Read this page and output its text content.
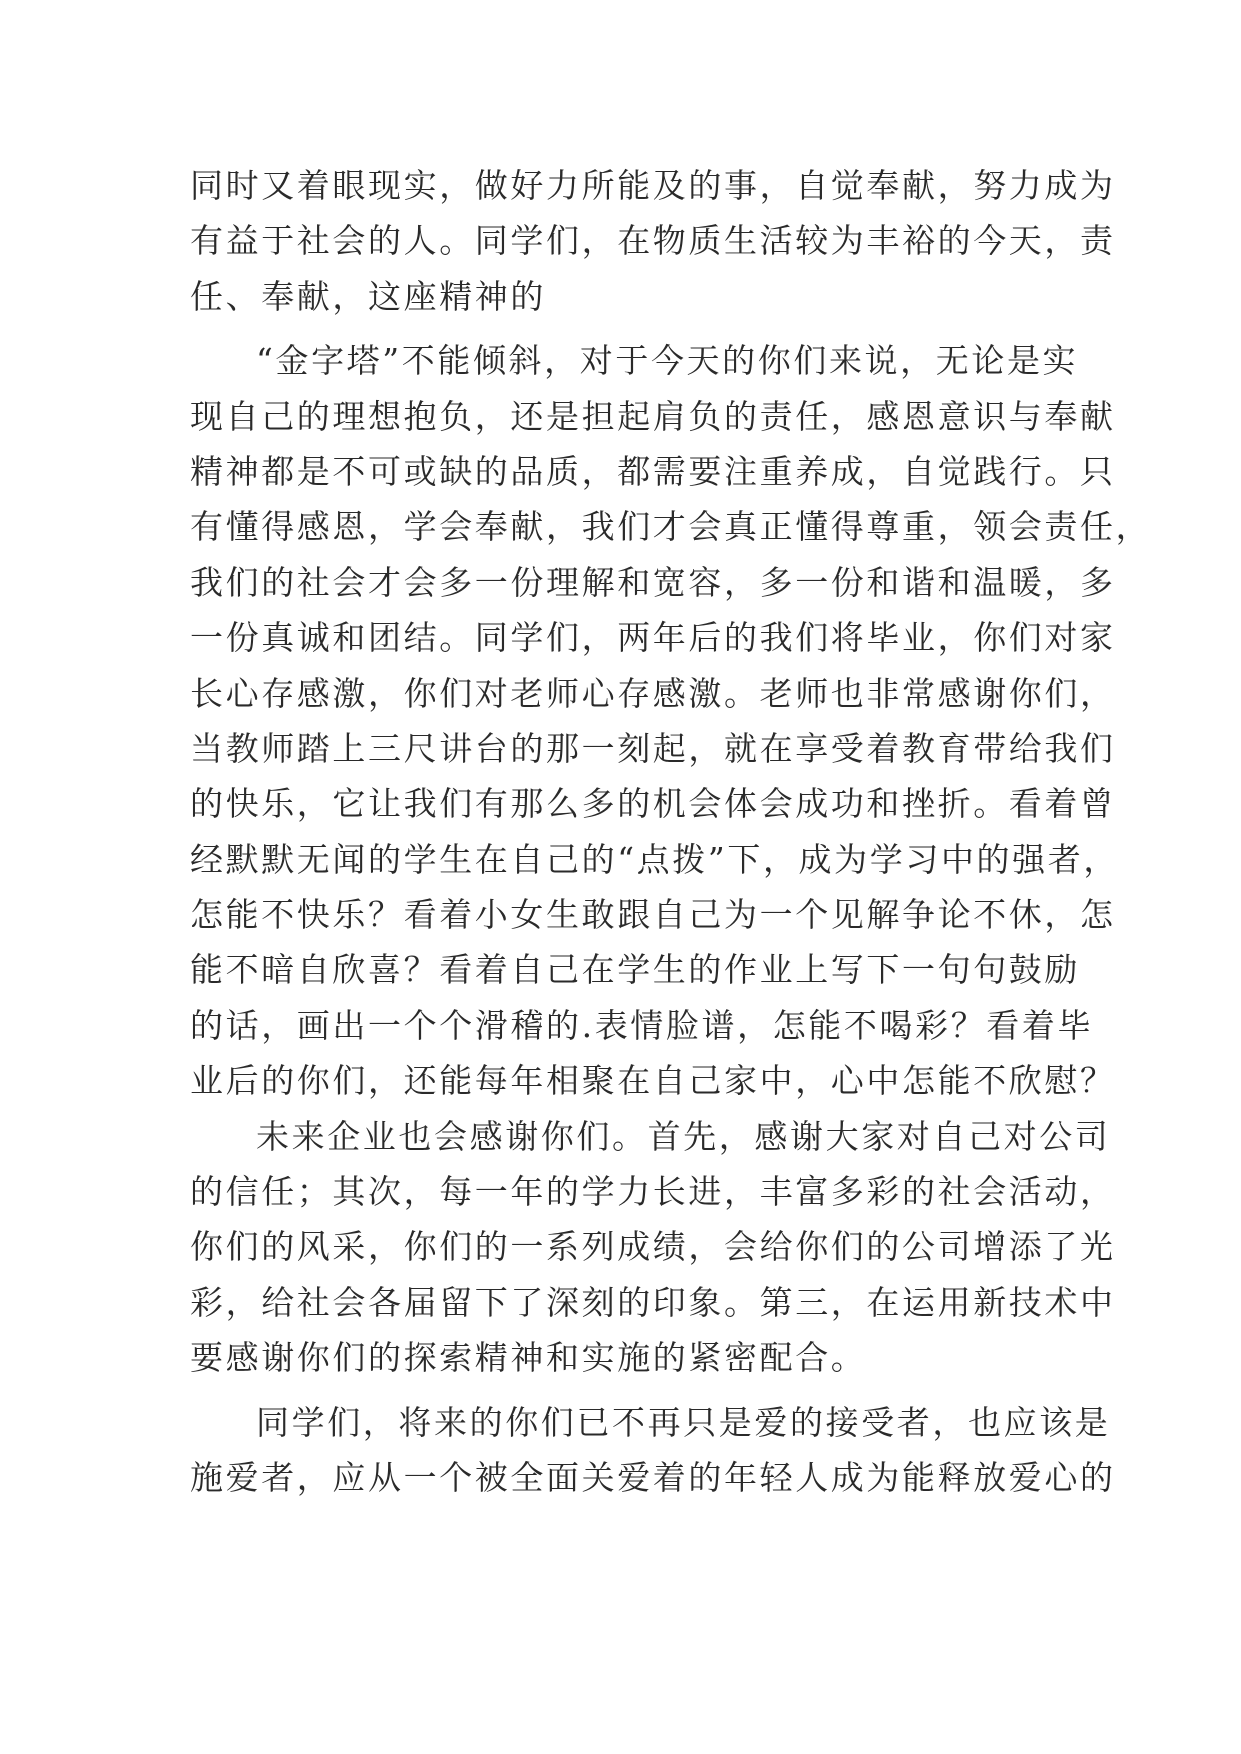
同时又着眼现实，做好力所能及的事，自觉奉献，努力成为
有益于社会的人。同学们，在物质生活较为丰裕的今天，责
任、奉献，这座精神的
“金字塔”不能倾斜，对于今天的你们来说，无论是实
现自己的理想抱负，还是担起肩负的责任，感恩意识与奉献
精神都是不可或缺的品质，都需要注重养成，自觉践行。只
有懂得感恩，学会奉献，我们才会真正懂得尊重，领会责任，
我们的社会才会多一份理解和宽容，多一份和谐和温暖，多
一份真诚和团结。同学们，两年后的我们将毕业，你们对家
长心存感激，你们对老师心存感激。老师也非常感谢你们，
当教师踏上三尺讲台的那一刻起，就在享受着教育带给我们
的快乐，它让我们有那么多的机会体会成功和挫折。看着曾
经默默无闻的学生在自己的“点拨”下，成为学习中的强者，
怎能不快乐？看着小女生敢跟自己为一个见解争论不休，怎
能不暗自欣喜？看着自己在学生的作业上写下一句句鼓励
的话，画出一个个滑稽的.表情脸谱，怎能不喝彩？看着毕
业后的你们，还能每年相聚在自己家中，心中怎能不欣慰？
未来企业也会感谢你们。首先，感谢大家对自己对公司
的信任；其次，每一年的学力长进，丰富多彩的社会活动，
你们的风采，你们的一系列成绩，会给你们的公司增添了光
彩，给社会各届留下了深刻的印象。第三，在运用新技术中
要感谢你们的探索精神和实施的紧密配合。
同学们，将来的你们已不再只是爱的接受者，也应该是
施爱者，应从一个被全面关爱着的年轻人成为能释放爱心的
